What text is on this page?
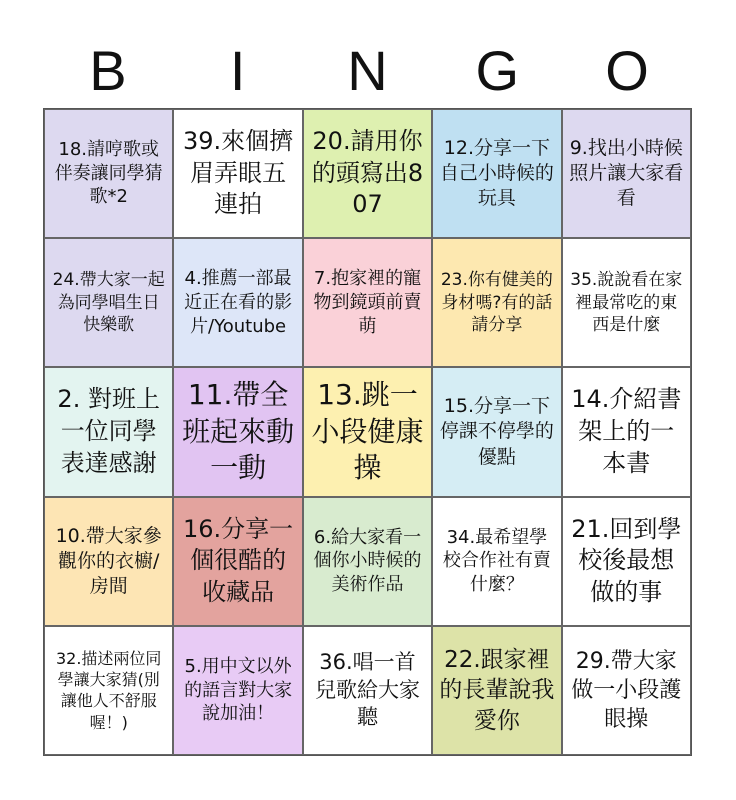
B	I	N	G	O
18.請哼歌或伴奏讓同學猜歌*2
39.來個擠眉弄眼五連拍
20.請用你的頭寫出807
12.分享一下自己小時候的玩具
9.找出小時候照片讓大家看看
24.帶大家一起為同學唱生日快樂歌
4.推薦一部最近正在看的影片/Youtube
7.抱家裡的寵物到鏡頭前賣萌
23.你有健美的身材嗎?有的話請分享
35.說說看在家裡最常吃的東西是什麼
2. 對班上一位同學表達感謝
11.帶全班起來動一動
13.跳一小段健康操
15.分享一下停課不停學的優點
14.介紹書架上的一本書
10.帶大家參觀你的衣櫥/ 房間
16.分享一個很酷的收藏品
6.給大家看一個你小時候的美術作品
34.最希望學校合作社有賣什麼？
21.回到學校後最想做的事
32.描述兩位同學讓大家猜(別讓他人不舒服喔！)
5.用中文以外的語言對大家說加油！
36.唱一首兒歌給大家聽
22.跟家裡的長輩說我愛你
29.帶大家做一小段護眼操
